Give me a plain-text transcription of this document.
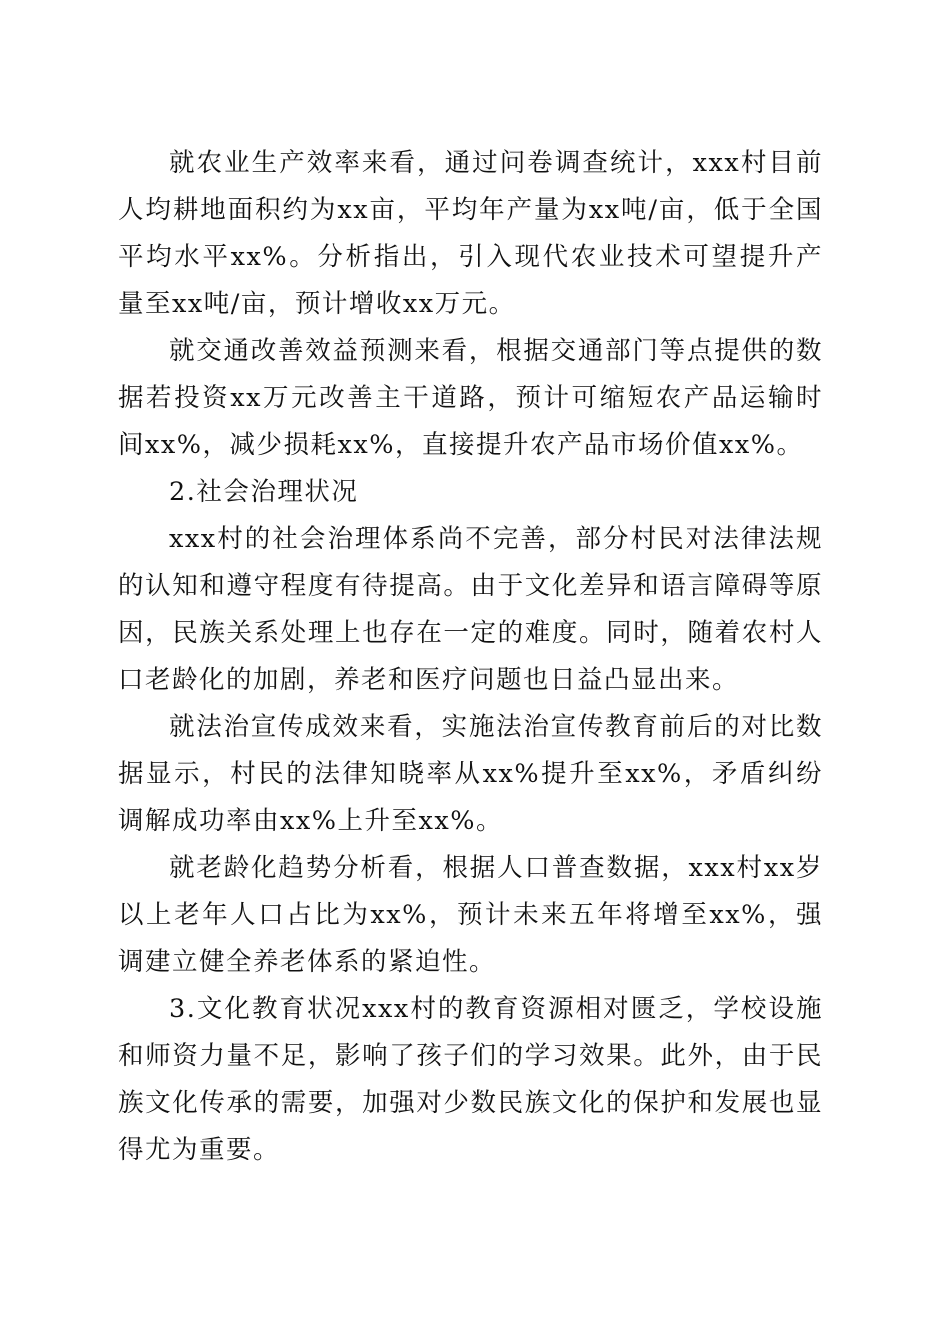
就农业生产效率来看，通过问卷调查统计，xxx村目前人均耕地面积约为xx亩，平均年产量为xx吨/亩，低于全国平均水平xx%。分析指出，引入现代农业技术可望提升产量至xx吨/亩，预计增收xx万元。

就交通改善效益预测来看，根据交通部门等点提供的数据若投资xx万元改善主干道路，预计可缩短农产品运输时间xx%，减少损耗xx%，直接提升农产品市场价值xx%。

2.社会治理状况

xxx村的社会治理体系尚不完善，部分村民对法律法规的认知和遵守程度有待提高。由于文化差异和语言障碍等原因，民族关系处理上也存在一定的难度。同时，随着农村人口老龄化的加剧，养老和医疗问题也日益凸显出来。

就法治宣传成效来看，实施法治宣传教育前后的对比数据显示，村民的法律知晓率从xx%提升至xx%，矛盾纠纷调解成功率由xx%上升至xx%。

就老龄化趋势分析看，根据人口普查数据，xxx村xx岁以上老年人口占比为xx%，预计未来五年将增至xx%，强调建立健全养老体系的紧迫性。

3.文化教育状况xxx村的教育资源相对匮乏，学校设施和师资力量不足，影响了孩子们的学习效果。此外，由于民族文化传承的需要，加强对少数民族文化的保护和发展也显得尤为重要。
